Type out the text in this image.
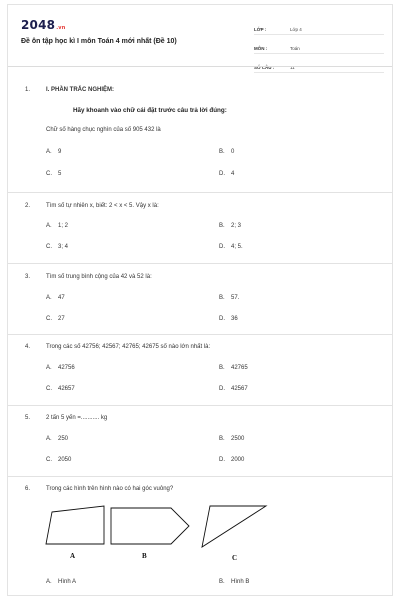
2048.vn
Đề ôn tập học kì I môn Toán 4 mới nhất (Đề 10)
LỚP :	Lớp 4
MÔN :	Toán
SỐ CÂU :	11
1.	I. PHẦN TRẮC NGHIỆM:
Hãy khoanh vào chữ cái đặt trước câu trả lời đúng:
Chữ số hàng chục nghìn của số 905 432 là
A. 9	B. 0
C. 5	D. 4
2.	Tìm số tự nhiên x, biết: 2 < x < 5. Vậy x là:
A. 1; 2	B. 2; 3
C. 3; 4	D. 4; 5.
3.	Tìm số trung bình cộng của 42 và 52 là:
A. 47	B. 57.
C. 27	D. 36
4.	Trong các số 42756; 42567; 42765; 42675 số nào lớn nhất là:
A. 42756	B. 42765
C. 42657	D. 42567
5.	2 tấn 5 yến =........... kg
A. 250	B. 2500
C. 2050	D. 2000
6.	Trong các hình trên hình nào có hai góc vuông?
A	B	C
A. Hình A	B. Hình B
